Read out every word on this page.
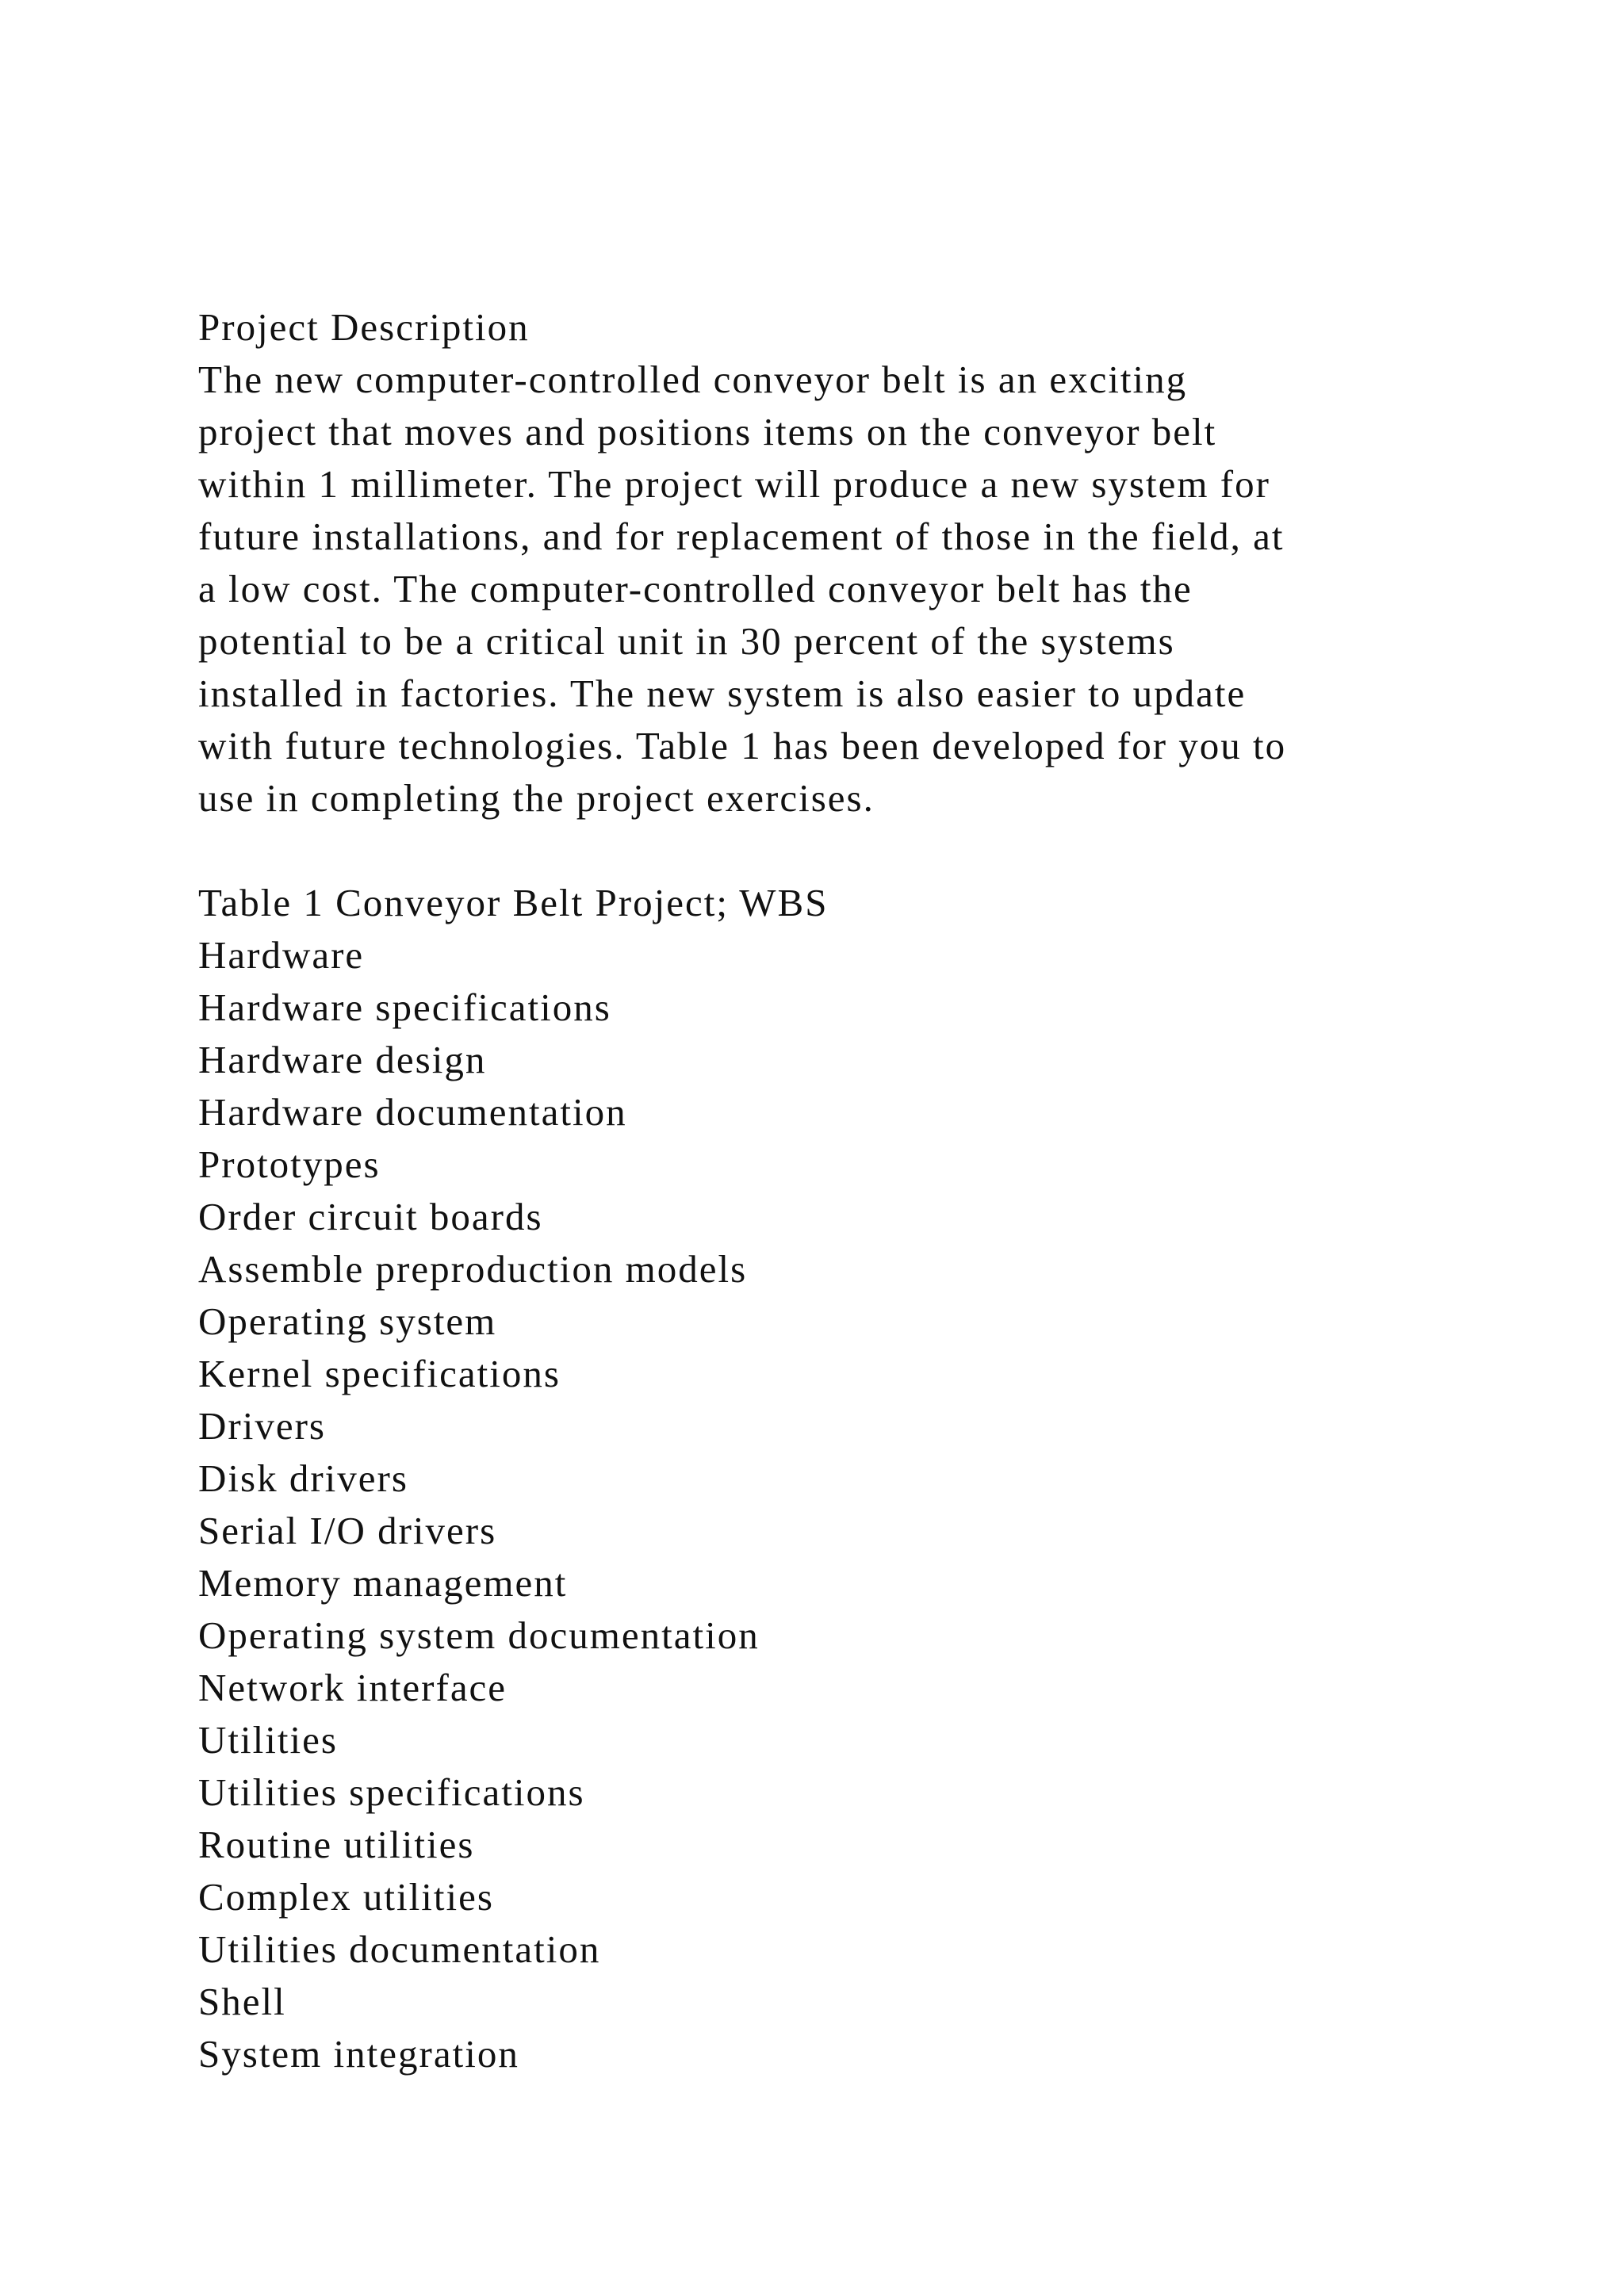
Project Description
The new computer-controlled conveyor belt is an exciting
project that moves and positions items on the conveyor belt
within 1 millimeter. The project will produce a new system for
future installations, and for replacement of those in the field, at
a low cost. The computer-controlled conveyor belt has the
potential to be a critical unit in 30 percent of the systems
installed in factories. The new system is also easier to update
with future technologies. Table 1 has been developed for you to
use in completing the project exercises.
Table 1 Conveyor Belt Project; WBS
Hardware
Hardware specifications
Hardware design
Hardware documentation
Prototypes
Order circuit boards
Assemble preproduction models
Operating system
Kernel specifications
Drivers
Disk drivers
Serial I/O drivers
Memory management
Operating system documentation
Network interface
Utilities
Utilities specifications
Routine utilities
Complex utilities
Utilities documentation
Shell
System integration
